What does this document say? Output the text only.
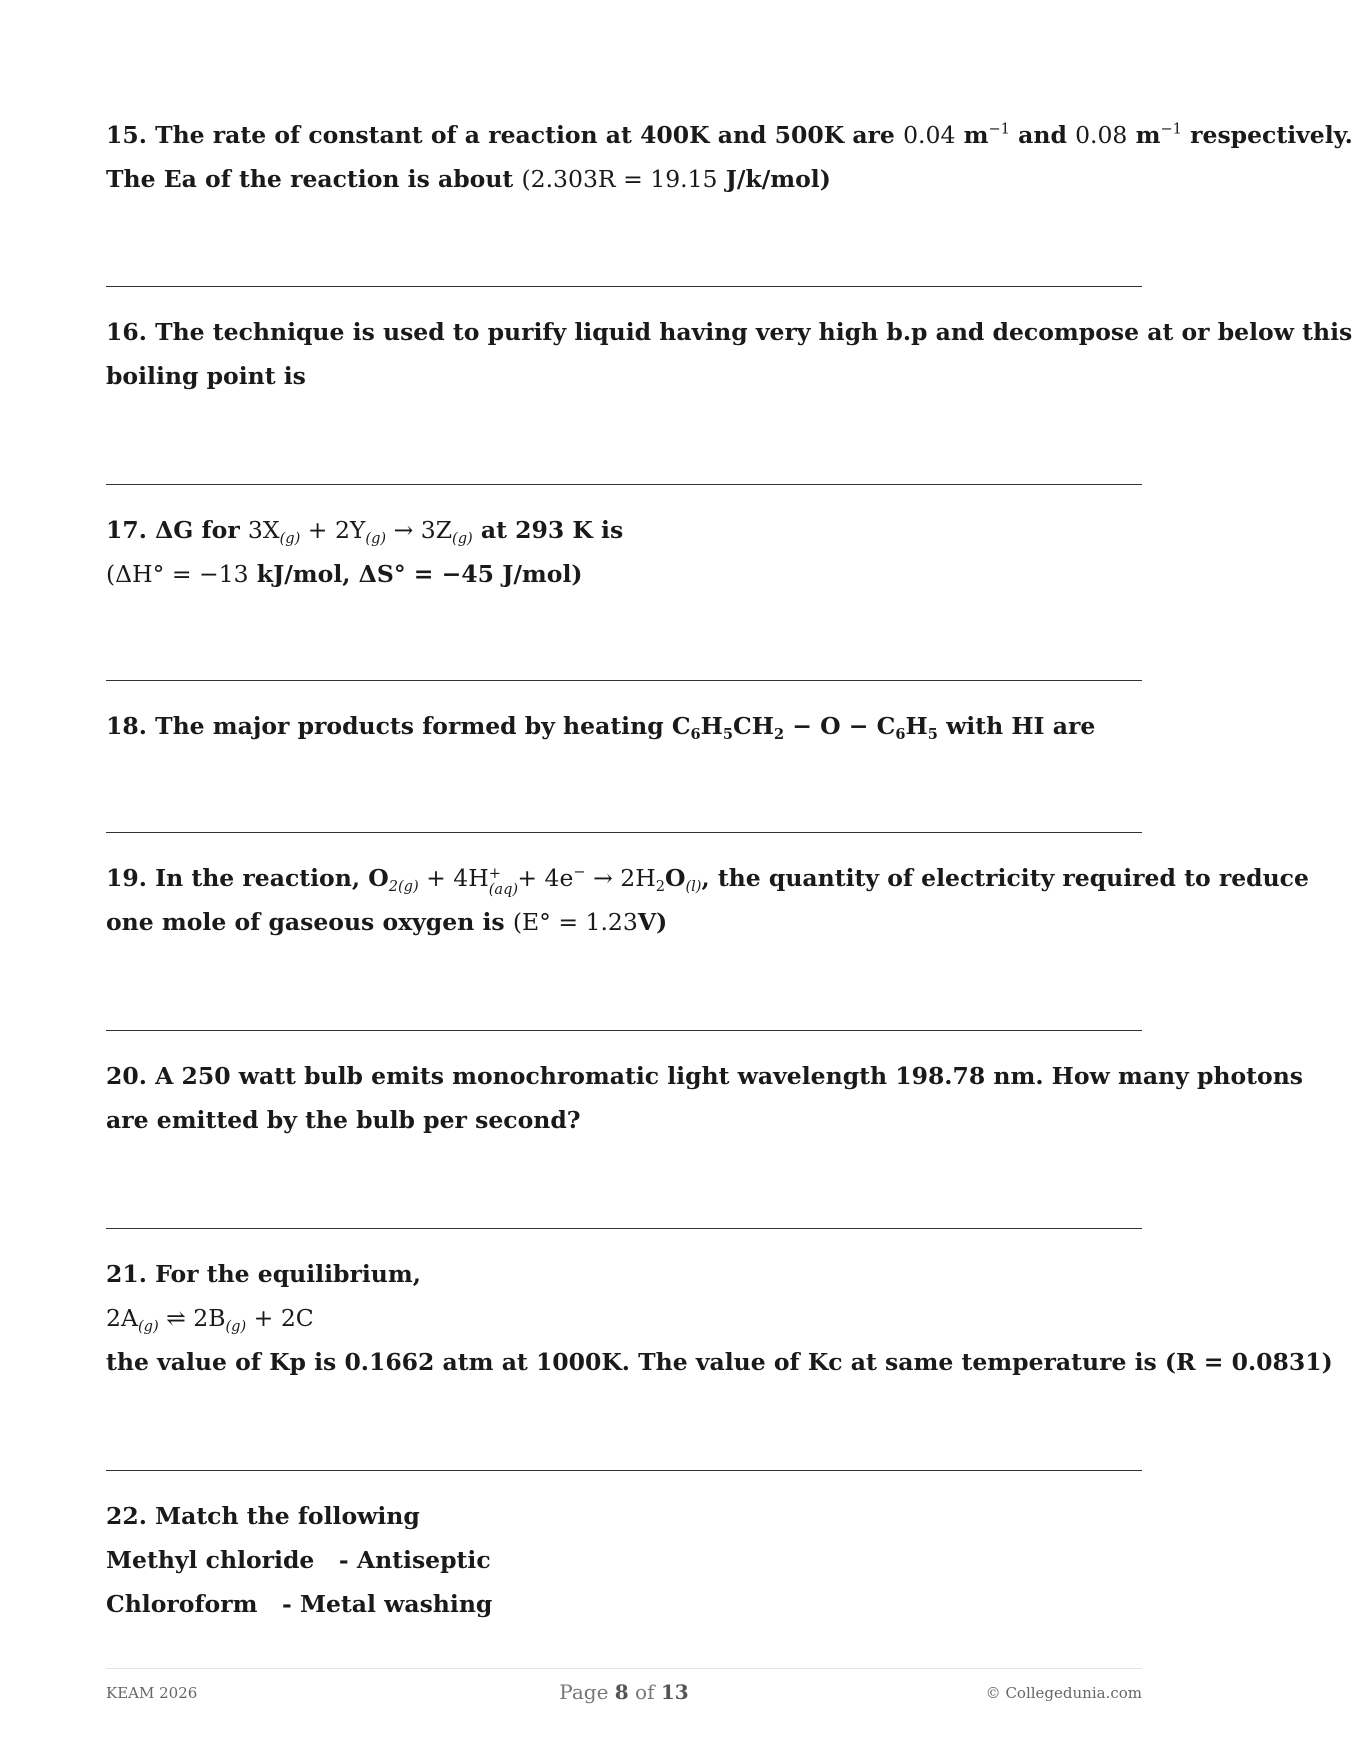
15. The rate of constant of a reaction at 400K and 500K are 0.04 $m^{-1}$ and 0.08 $m^{-1}$ respectively.
The Ea of the reaction is about (2.303R = 19.15 J/k/mol)
16. The technique is used to purify liquid having very high b.p and decompose at or below this
boiling point is
17. ΔG for $3X_{(g)} + 2Y_{(g)} \to 3Z_{(g)}$ at 293 K is
(ΔH° = −13 kJ/mol, ΔS° = −45 J/mol)
18. The major products formed by heating $C_6H_5CH_2 - O - C_6H_5$ with HI are
19. In the reaction, $O_{2(g)} + 4H$ +
$(aq) + 4e^- \to 2H_2O_{(l)}$, the quantity of electricity required to reduce
one mole of gaseous oxygen is (E° = 1.23V)
20. A 250 watt bulb emits monochromatic light wavelength 198.78 nm. How many photons
are emitted by the bulb per second?
21. For the equilibrium,
$2A_{(g)}$ ⇌ $2B_{(g)} + 2C$
the value of Kp is 0.1662 atm at 1000K. The value of Kc at same temperature is (R = 0.0831)
22. Match the following
Methyl chloride - Antiseptic
Chloroform - Metal washing
KEAM 2026	Page 8 of 13	© Collegedunia.com
